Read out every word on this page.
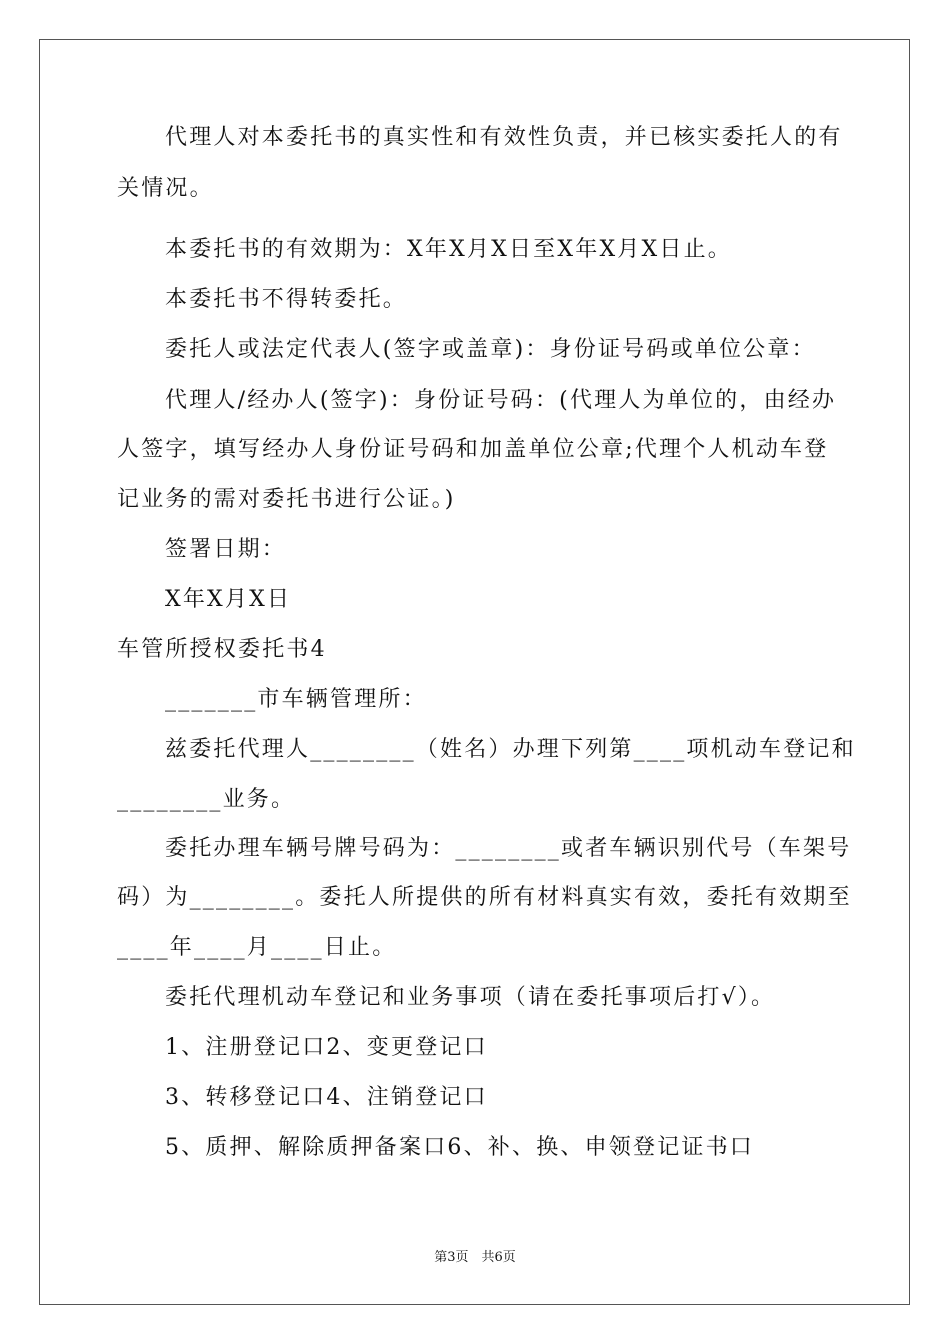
代理人对本委托书的真实性和有效性负责，并已核实委托人的有
关情况。
本委托书的有效期为：X年X月X日至X年X月X日止。
本委托书不得转委托。
委托人或法定代表人(签字或盖章)：身份证号码或单位公章：
代理人/经办人(签字)：身份证号码：(代理人为单位的，由经办
人签字，填写经办人身份证号码和加盖单位公章;代理个人机动车登
记业务的需对委托书进行公证。)
签署日期：
X年X月X日
车管所授权委托书4
_______市车辆管理所：
兹委托代理人________（姓名）办理下列第____项机动车登记和
________业务。
委托办理车辆号牌号码为：________或者车辆识别代号（车架号
码）为________。委托人所提供的所有材料真实有效，委托有效期至
____年____月____日止。
委托代理机动车登记和业务事项（请在委托事项后打√）。
1、注册登记口2、变更登记口
3、转移登记口4、注销登记口
5、质押、解除质押备案口6、补、换、申领登记证书口
第3页　共6页
